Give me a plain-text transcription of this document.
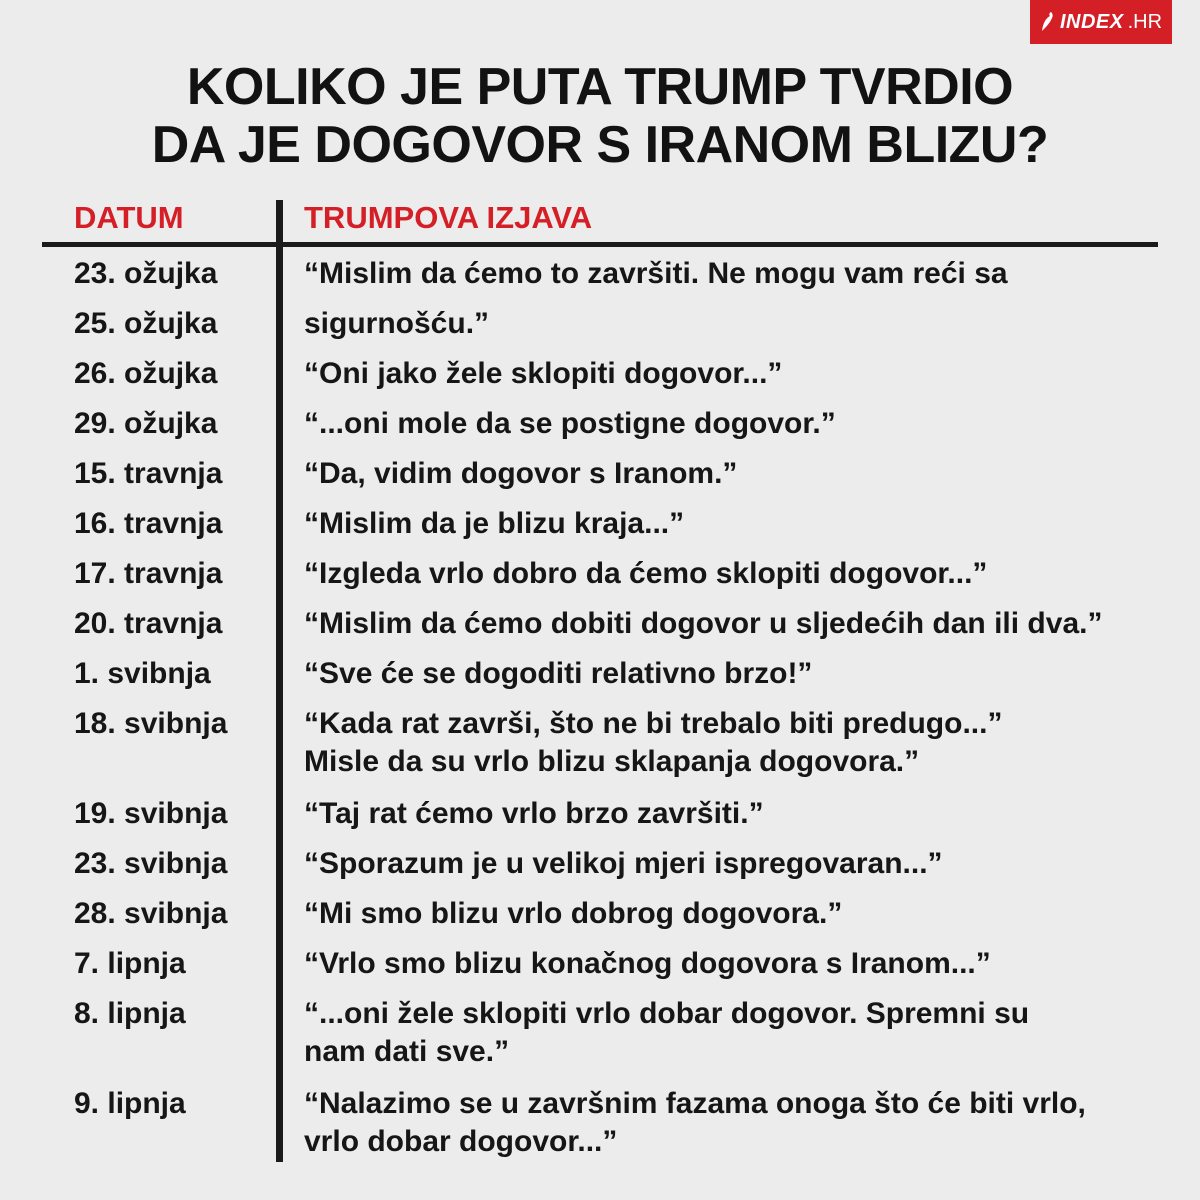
INDEX .HR
KOLIKO JE PUTA TRUMP TVRDIO
DA JE DOGOVOR S IRANOM BLIZU?
DATUM	TRUMPOVA IZJAVA
23. ožujka	“Mislim da ćemo to završiti. Ne mogu vam reći sa
25. ožujka	sigurnošću.”
26. ožujka	“Oni jako žele sklopiti dogovor...”
29. ožujka	“...oni mole da se postigne dogovor.”
15. travnja	“Da, vidim dogovor s Iranom.”
16. travnja	“Mislim da je blizu kraja...”
17. travnja	“Izgleda vrlo dobro da ćemo sklopiti dogovor...”
20. travnja	“Mislim da ćemo dobiti dogovor u sljedećih dan ili dva.”
1. svibnja	“Sve će se dogoditi relativno brzo!”
18. svibnja	“Kada rat završi, što ne bi trebalo biti predugo...”
Misle da su vrlo blizu sklapanja dogovora.”
19. svibnja	“Taj rat ćemo vrlo brzo završiti.”
23. svibnja	“Sporazum je u velikoj mjeri ispregovaran...”
28. svibnja	“Mi smo blizu vrlo dobrog dogovora.”
7. lipnja	“Vrlo smo blizu konačnog dogovora s Iranom...”
8. lipnja	“...oni žele sklopiti vrlo dobar dogovor. Spremni su
nam dati sve.”
9. lipnja	“Nalazimo se u završnim fazama onoga što će biti vrlo,
vrlo dobar dogovor...”
